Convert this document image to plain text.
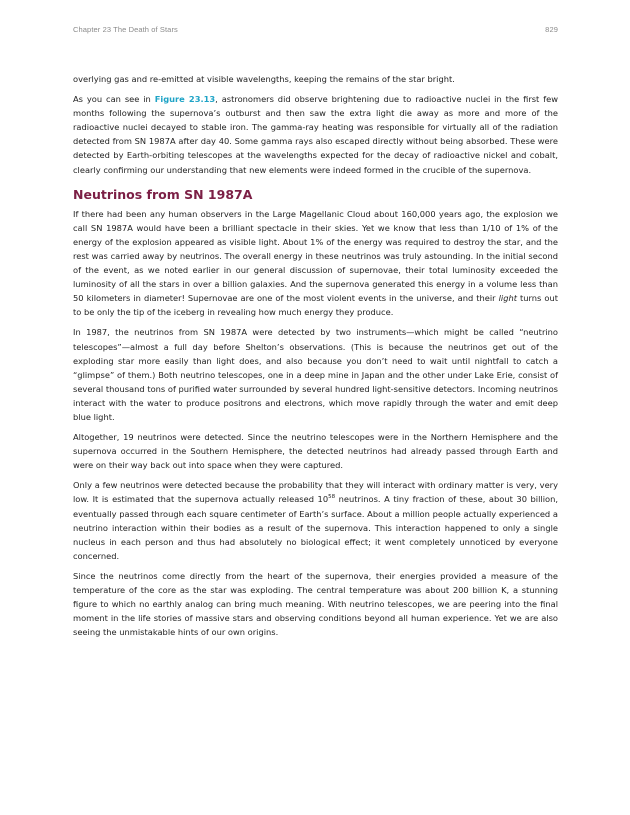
Chapter 23 The Death of Stars	829

overlying gas and re-emitted at visible wavelengths, keeping the remains of the star bright.

As you can see in Figure 23.13, astronomers did observe brightening due to radioactive nuclei in the first few months following the supernova’s outburst and then saw the extra light die away as more and more of the radioactive nuclei decayed to stable iron. The gamma-ray heating was responsible for virtually all of the radiation detected from SN 1987A after day 40. Some gamma rays also escaped directly without being absorbed. These were detected by Earth-orbiting telescopes at the wavelengths expected for the decay of radioactive nickel and cobalt, clearly confirming our understanding that new elements were indeed formed in the crucible of the supernova.

Neutrinos from SN 1987A

If there had been any human observers in the Large Magellanic Cloud about 160,000 years ago, the explosion we call SN 1987A would have been a brilliant spectacle in their skies. Yet we know that less than 1/10 of 1% of the energy of the explosion appeared as visible light. About 1% of the energy was required to destroy the star, and the rest was carried away by neutrinos. The overall energy in these neutrinos was truly astounding. In the initial second of the event, as we noted earlier in our general discussion of supernovae, their total luminosity exceeded the luminosity of all the stars in over a billion galaxies. And the supernova generated this energy in a volume less than 50 kilometers in diameter! Supernovae are one of the most violent events in the universe, and their light turns out to be only the tip of the iceberg in revealing how much energy they produce.

In 1987, the neutrinos from SN 1987A were detected by two instruments—which might be called “neutrino telescopes”—almost a full day before Shelton’s observations. (This is because the neutrinos get out of the exploding star more easily than light does, and also because you don’t need to wait until nightfall to catch a “glimpse” of them.) Both neutrino telescopes, one in a deep mine in Japan and the other under Lake Erie, consist of several thousand tons of purified water surrounded by several hundred light-sensitive detectors. Incoming neutrinos interact with the water to produce positrons and electrons, which move rapidly through the water and emit deep blue light.

Altogether, 19 neutrinos were detected. Since the neutrino telescopes were in the Northern Hemisphere and the supernova occurred in the Southern Hemisphere, the detected neutrinos had already passed through Earth and were on their way back out into space when they were captured.

Only a few neutrinos were detected because the probability that they will interact with ordinary matter is very, very low. It is estimated that the supernova actually released $10^{58}$ neutrinos. A tiny fraction of these, about 30 billion, eventually passed through each square centimeter of Earth’s surface. About a million people actually experienced a neutrino interaction within their bodies as a result of the supernova. This interaction happened to only a single nucleus in each person and thus had absolutely no biological effect; it went completely unnoticed by everyone concerned.

Since the neutrinos come directly from the heart of the supernova, their energies provided a measure of the temperature of the core as the star was exploding. The central temperature was about 200 billion K, a stunning figure to which no earthly analog can bring much meaning. With neutrino telescopes, we are peering into the final moment in the life stories of massive stars and observing conditions beyond all human experience. Yet we are also seeing the unmistakable hints of our own origins.
